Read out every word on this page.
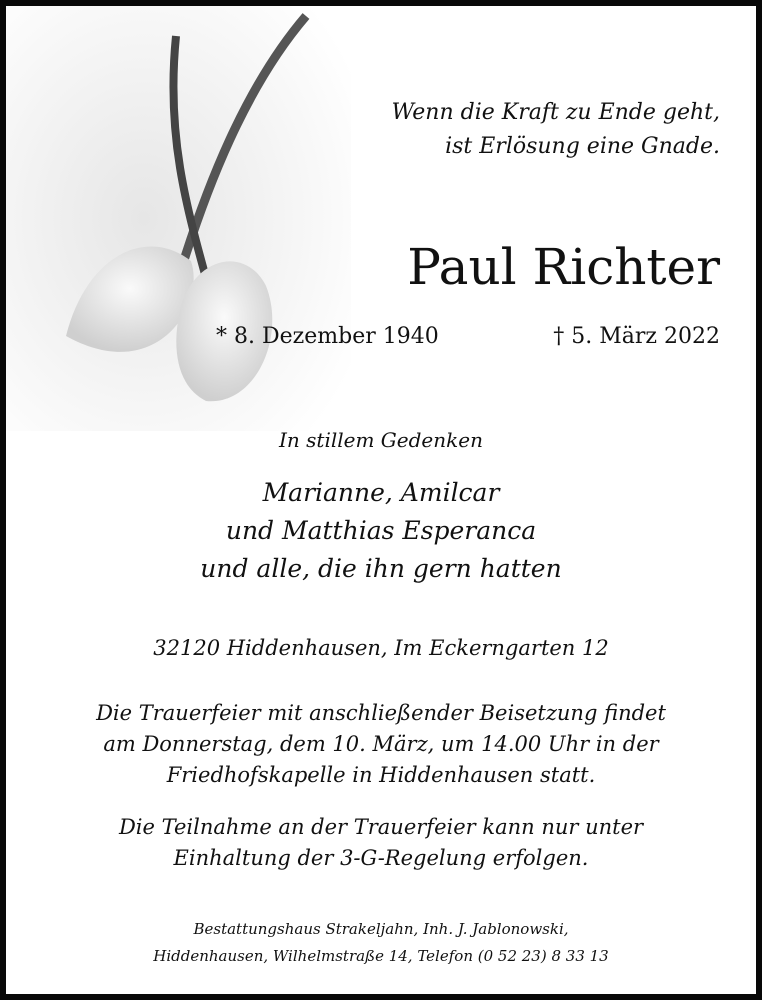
Wenn die Kraft zu Ende geht,
ist Erlösung eine Gnade.
Paul Richter
* 8. Dezember 1940	† 5. März 2022
In stillem Gedenken
Marianne, Amilcar
und Matthias Esperanca
und alle, die ihn gern hatten
32120 Hiddenhausen, Im Eckerngarten 12
Die Trauerfeier mit anschließender Beisetzung findet
am Donnerstag, dem 10. März, um 14.00 Uhr in der
Friedhofskapelle in Hiddenhausen statt.
Die Teilnahme an der Trauerfeier kann nur unter
Einhaltung der 3-G-Regelung erfolgen.
Bestattungshaus Strakeljahn, Inh. J. Jablonowski,
Hiddenhausen, Wilhelmstraße 14, Telefon (0 52 23) 8 33 13
